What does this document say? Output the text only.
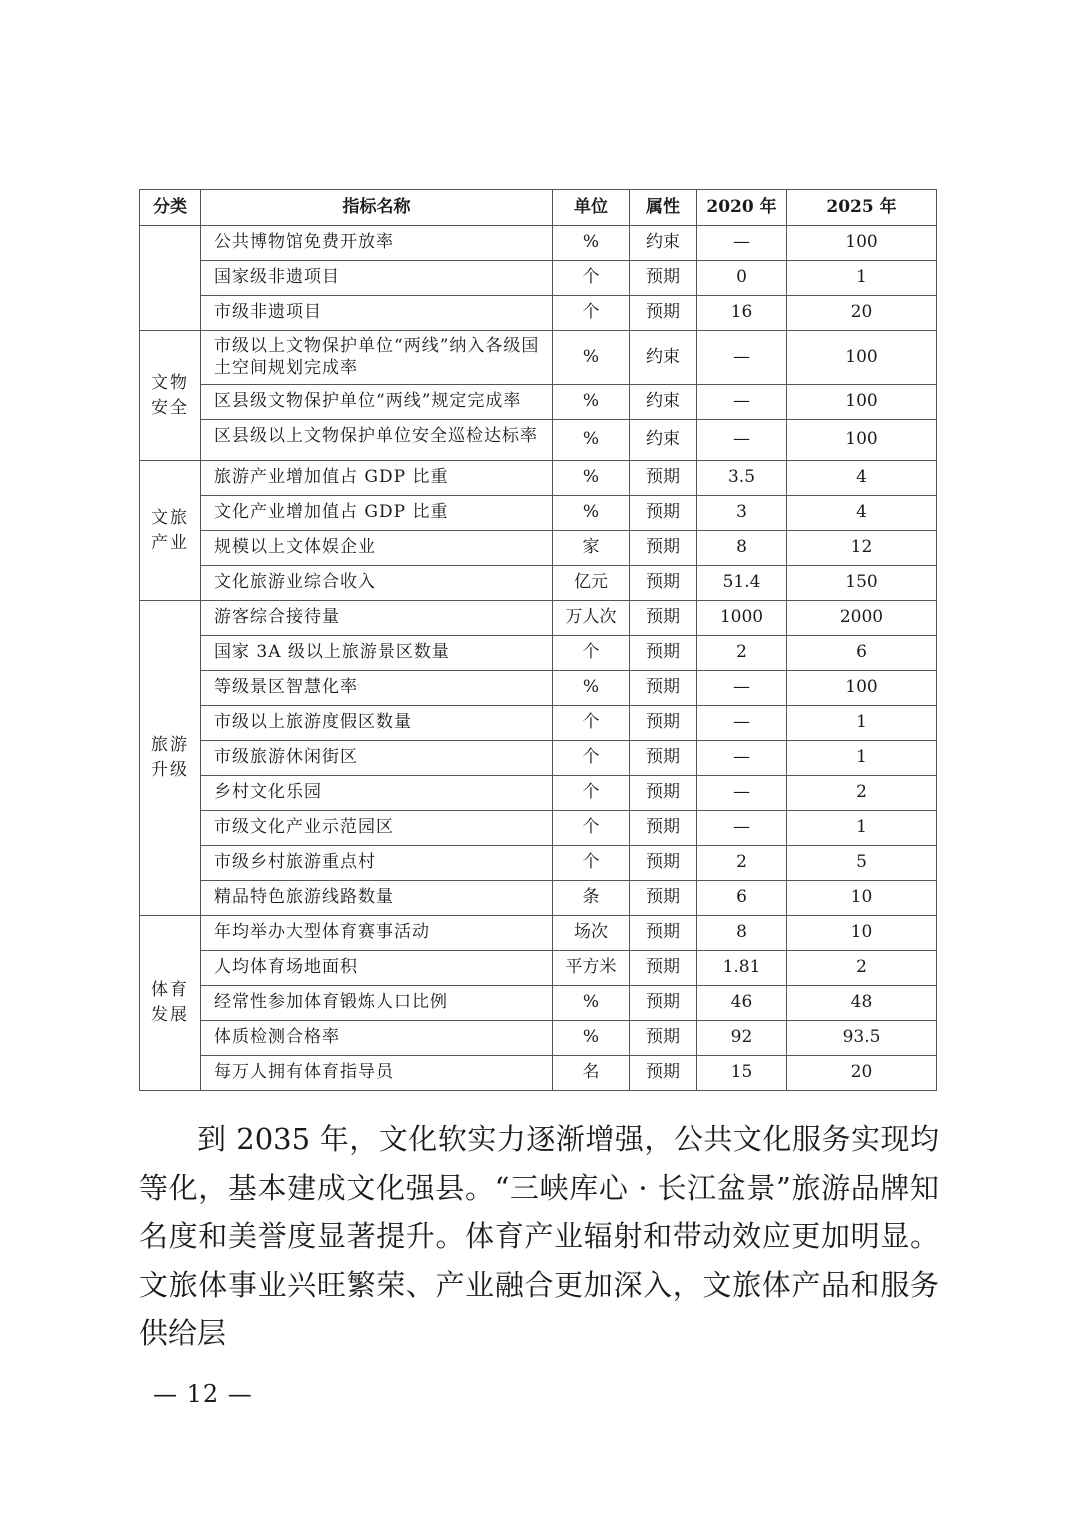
分类	指标名称	单位	属性	2020 年	2025 年
	公共博物馆免费开放率	%	约束	—	100
	国家级非遗项目	个	预期	0	1
	市级非遗项目	个	预期	16	20
文物安全	市级以上文物保护单位“两线”纳入各级国土空间规划完成率	%	约束	—	100
	区县级文物保护单位“两线”规定完成率	%	约束	—	100

	区县级以上文物保护单位安全巡检达标率	%	约束	—	100
文旅产业	旅游产业增加值占 GDP 比重	%	预期	3.5	4
	文化产业增加值占 GDP 比重	%	预期	3	4
	规模以上文体娱企业	家	预期	8	12
	文化旅游业综合收入	亿元	预期	51.4	150
旅游升级	游客综合接待量	万人次	预期	1000	2000
	国家 3A 级以上旅游景区数量	个	预期	2	6
	等级景区智慧化率	%	预期	—	100
	市级以上旅游度假区数量	个	预期	—	1
	市级旅游休闲街区	个	预期	—	1
	乡村文化乐园	个	预期	—	2
	市级文化产业示范园区	个	预期	—	1
	市级乡村旅游重点村	个	预期	2	5
	精品特色旅游线路数量	条	预期	6	10
体育发展	年均举办大型体育赛事活动	场次	预期	8	10
	人均体育场地面积	平方米	预期	1.81	2
	经常性参加体育锻炼人口比例	%	预期	46	48
	体质检测合格率	%	预期	92	93.5
	每万人拥有体育指导员	名	预期	15	20

到 2035 年，文化软实力逐渐增强，公共文化服务实现均等化，基本建成文化强县。“三峡库心 · 长江盆景”旅游品牌知名度和美誉度显著提升。体育产业辐射和带动效应更加明显。文旅体事业兴旺繁荣、产业融合更加深入，文旅体产品和服务供给层

— 12 —
